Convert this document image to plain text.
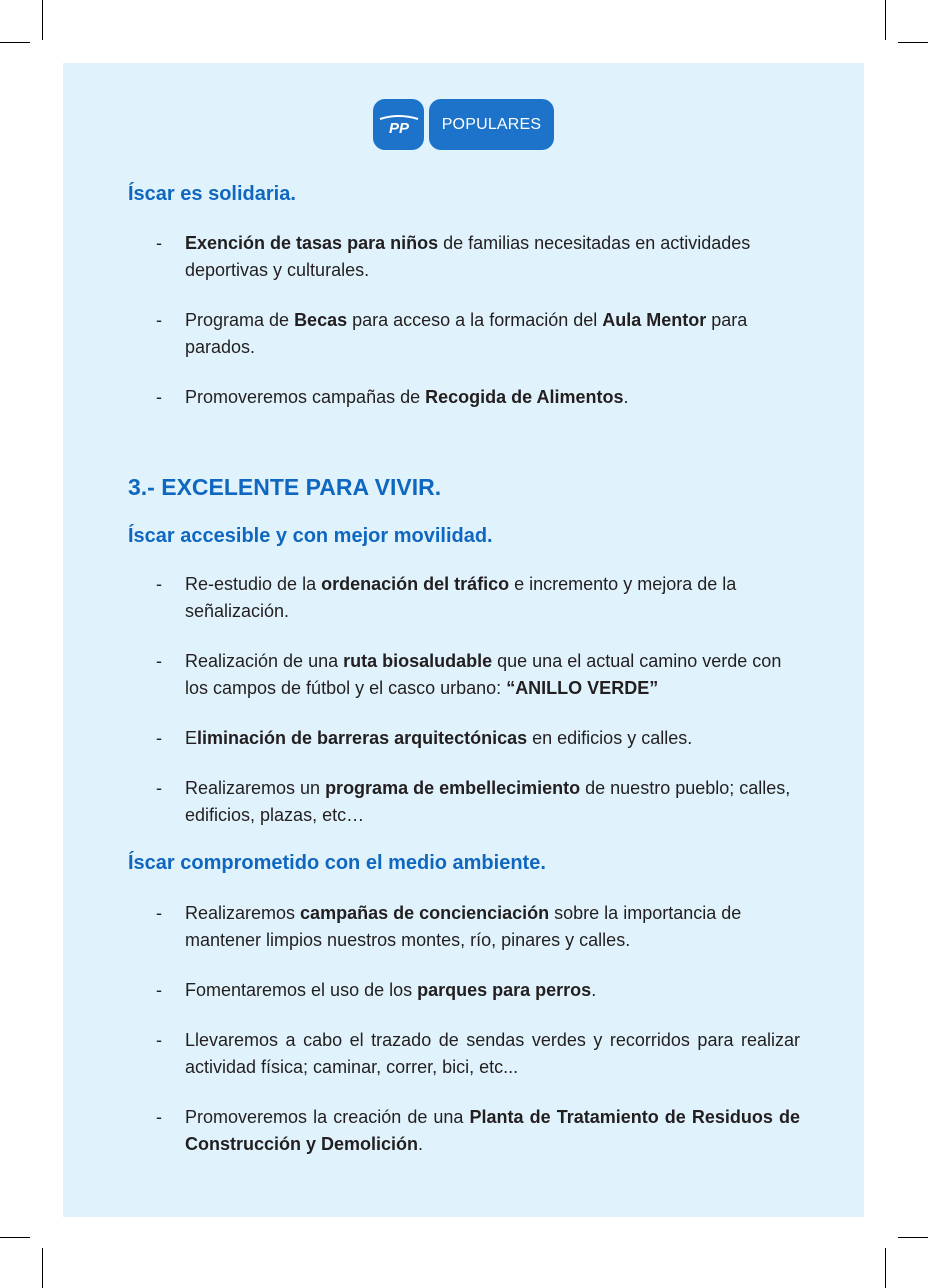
PP	POPULARES
Íscar es solidaria.
- Exención de tasas para niños de familias necesitadas en actividades deportivas y culturales.
- Programa de Becas para acceso a la formación del Aula Mentor para parados.
- Promoveremos campañas de Recogida de Alimentos.
3.- EXCELENTE PARA VIVIR.
Íscar accesible y con mejor movilidad.
- Re-estudio de la ordenación del tráfico e incremento y mejora de la señalización.
- Realización de una ruta biosaludable que una el actual camino verde con los campos de fútbol y el casco urbano: “ANILLO VERDE”
- Eliminación de barreras arquitectónicas en edificios y calles.
- Realizaremos un programa de embellecimiento de nuestro pueblo; calles, edificios, plazas, etc…
Íscar comprometido con el medio ambiente.
- Realizaremos campañas de concienciación sobre la importancia de mantener limpios nuestros montes, río, pinares y calles.
- Fomentaremos el uso de los parques para perros.
- Llevaremos a cabo el trazado de sendas verdes y recorridos para realizar actividad física; caminar, correr, bici, etc...
- Promoveremos la creación de una Planta de Tratamiento de Residuos de Construcción y Demolición.
